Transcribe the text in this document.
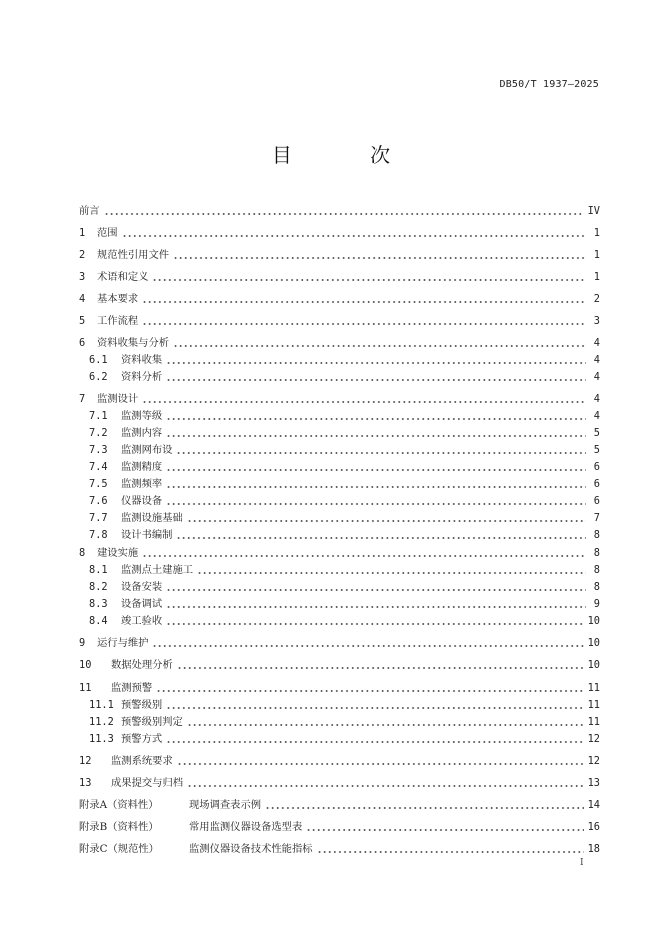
DB50/T 1937—2025
目 次
前言	IV
1 范围	1
2 规范性引用文件	1
3 术语和定义	1
4 基本要求	2
5 工作流程	3
6 资料收集与分析	4
6.1	资料收集	4
6.2	资料分析	4
7 监测设计	4
7.1	监测等级	4
7.2	监测内容	5
7.3	监测网布设	5
7.4	监测精度	6
7.5	监测频率	6
7.6	仪器设备	6
7.7	监测设施基础	7
7.8	设计书编制	8
8 建设实施	8
8.1	监测点土建施工	8
8.2	设备安装	8
8.3	设备调试	9
8.4	竣工验收	10
9 运行与维护	10
10	数据处理分析	10
11	监测预警	11
11.1 预警级别	11
11.2 预警级别判定	11
11.3 预警方式	12
12	监测系统要求	12
13	成果提交与归档	13
附录A（资料性）	现场调查表示例	14
附录B（资料性）	常用监测仪器设备选型表	16
附录C（规范性）	监测仪器设备技术性能指标	18
I
